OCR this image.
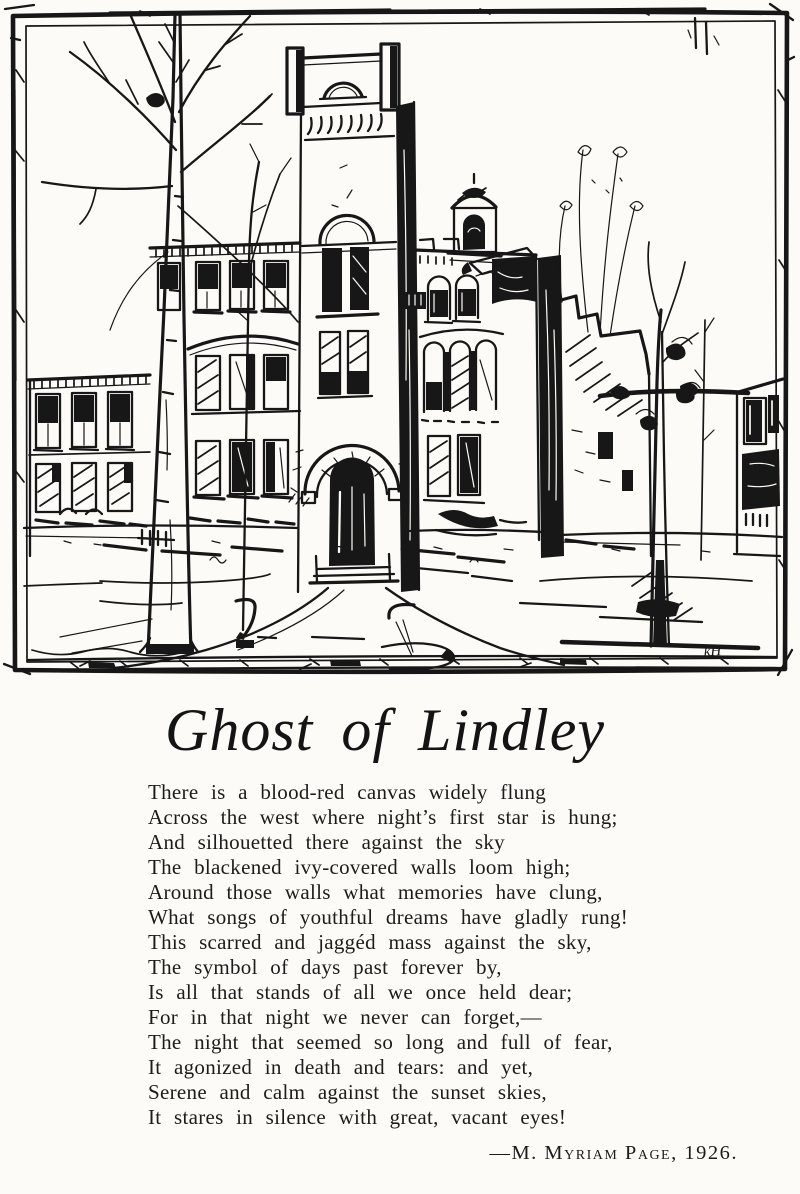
kH
Ghost of Lindley
There is a blood-red canvas widely flung
Across the west where night’s first star is hung;
And silhouetted there against the sky
The blackened ivy-covered walls loom high;
Around those walls what memories have clung,
What songs of youthful dreams have gladly rung!
This scarred and jaggéd mass against the sky,
The symbol of days past forever by,
Is all that stands of all we once held dear;
For in that night we never can forget,—
The night that seemed so long and full of fear,
It agonized in death and tears: and yet,
Serene and calm against the sunset skies,
It stares in silence with great, vacant eyes!
—M. Myriam Page, 1926.
